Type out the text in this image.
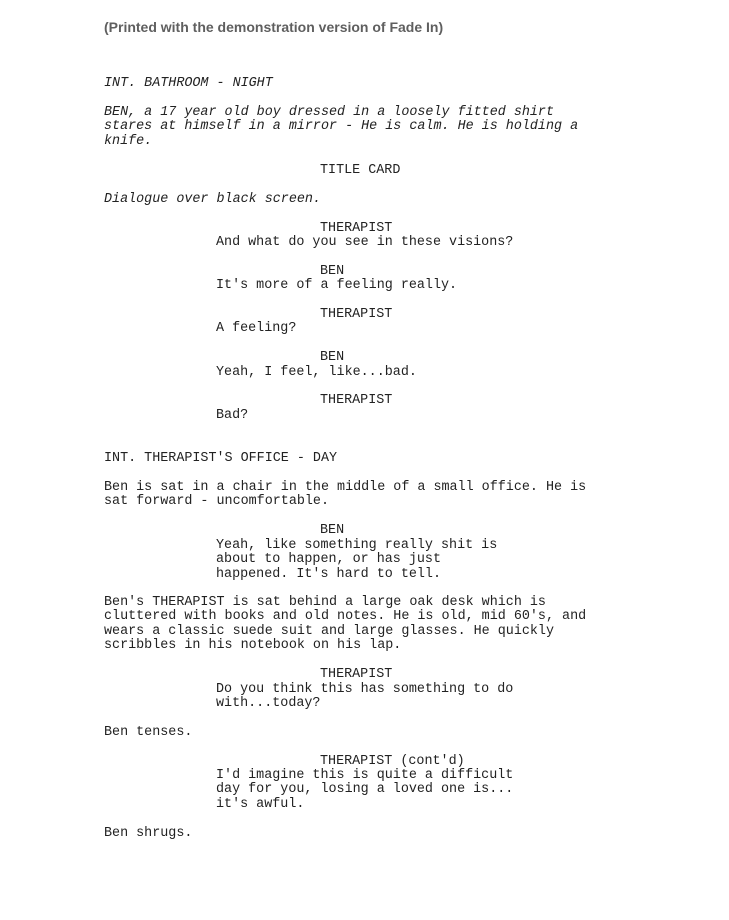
(Printed with the demonstration version of Fade In)

INT. BATHROOM - NIGHT

BEN, a 17 year old boy dressed in a loosely fitted shirt
stares at himself in a mirror - He is calm. He is holding a
knife.

TITLE CARD

Dialogue over black screen.

THERAPIST

And what do you see in these visions?

BEN

It's more of a feeling really.

THERAPIST

A feeling?

BEN

Yeah, I feel, like...bad.

THERAPIST

Bad?

INT. THERAPIST'S OFFICE - DAY

Ben is sat in a chair in the middle of a small office. He is
sat forward - uncomfortable.

BEN

Yeah, like something really shit is
about to happen, or has just
happened. It's hard to tell.

Ben's THERAPIST is sat behind a large oak desk which is
cluttered with books and old notes. He is old, mid 60's, and
wears a classic suede suit and large glasses. He quickly
scribbles in his notebook on his lap.

THERAPIST

Do you think this has something to do
with...today?

Ben tenses.

THERAPIST (cont'd)

I'd imagine this is quite a difficult
day for you, losing a loved one is...
it's awful.

Ben shrugs.
